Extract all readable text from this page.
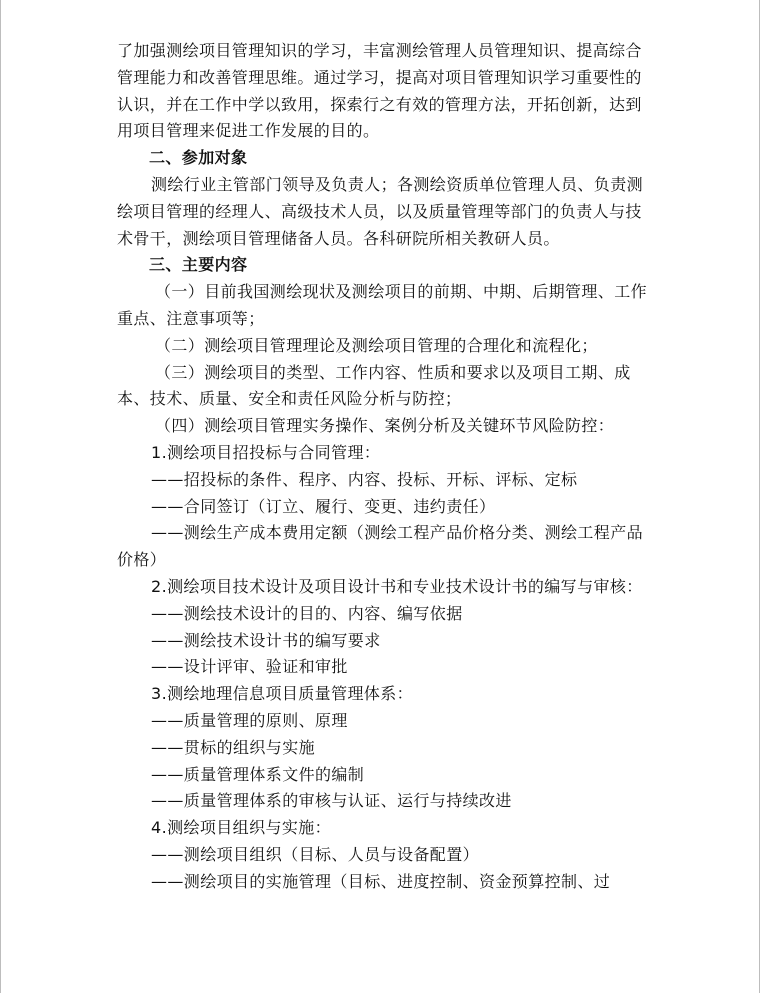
了加强测绘项目管理知识的学习，丰富测绘管理人员管理知识、提高综合管理能力和改善管理思维。通过学习，提高对项目管理知识学习重要性的认识，并在工作中学以致用，探索行之有效的管理方法，开拓创新，达到用项目管理来促进工作发展的目的。

二、参加对象

测绘行业主管部门领导及负责人；各测绘资质单位管理人员、负责测绘项目管理的经理人、高级技术人员，以及质量管理等部门的负责人与技术骨干，测绘项目管理储备人员。各科研院所相关教研人员。

三、主要内容

（一）目前我国测绘现状及测绘项目的前期、中期、后期管理、工作重点、注意事项等；

（二）测绘项目管理理论及测绘项目管理的合理化和流程化；

（三）测绘项目的类型、工作内容、性质和要求以及项目工期、成本、技术、质量、安全和责任风险分析与防控；

（四）测绘项目管理实务操作、案例分析及关键环节风险防控：

1.测绘项目招投标与合同管理：

——招投标的条件、程序、内容、投标、开标、评标、定标

——合同签订（订立、履行、变更、违约责任）

——测绘生产成本费用定额（测绘工程产品价格分类、测绘工程产品价格）

2.测绘项目技术设计及项目设计书和专业技术设计书的编写与审核：

——测绘技术设计的目的、内容、编写依据

——测绘技术设计书的编写要求

——设计评审、验证和审批

3.测绘地理信息项目质量管理体系：

——质量管理的原则、原理

——贯标的组织与实施

——质量管理体系文件的编制

——质量管理体系的审核与认证、运行与持续改进

4.测绘项目组织与实施：

——测绘项目组织（目标、人员与设备配置）

——测绘项目的实施管理（目标、进度控制、资金预算控制、过
